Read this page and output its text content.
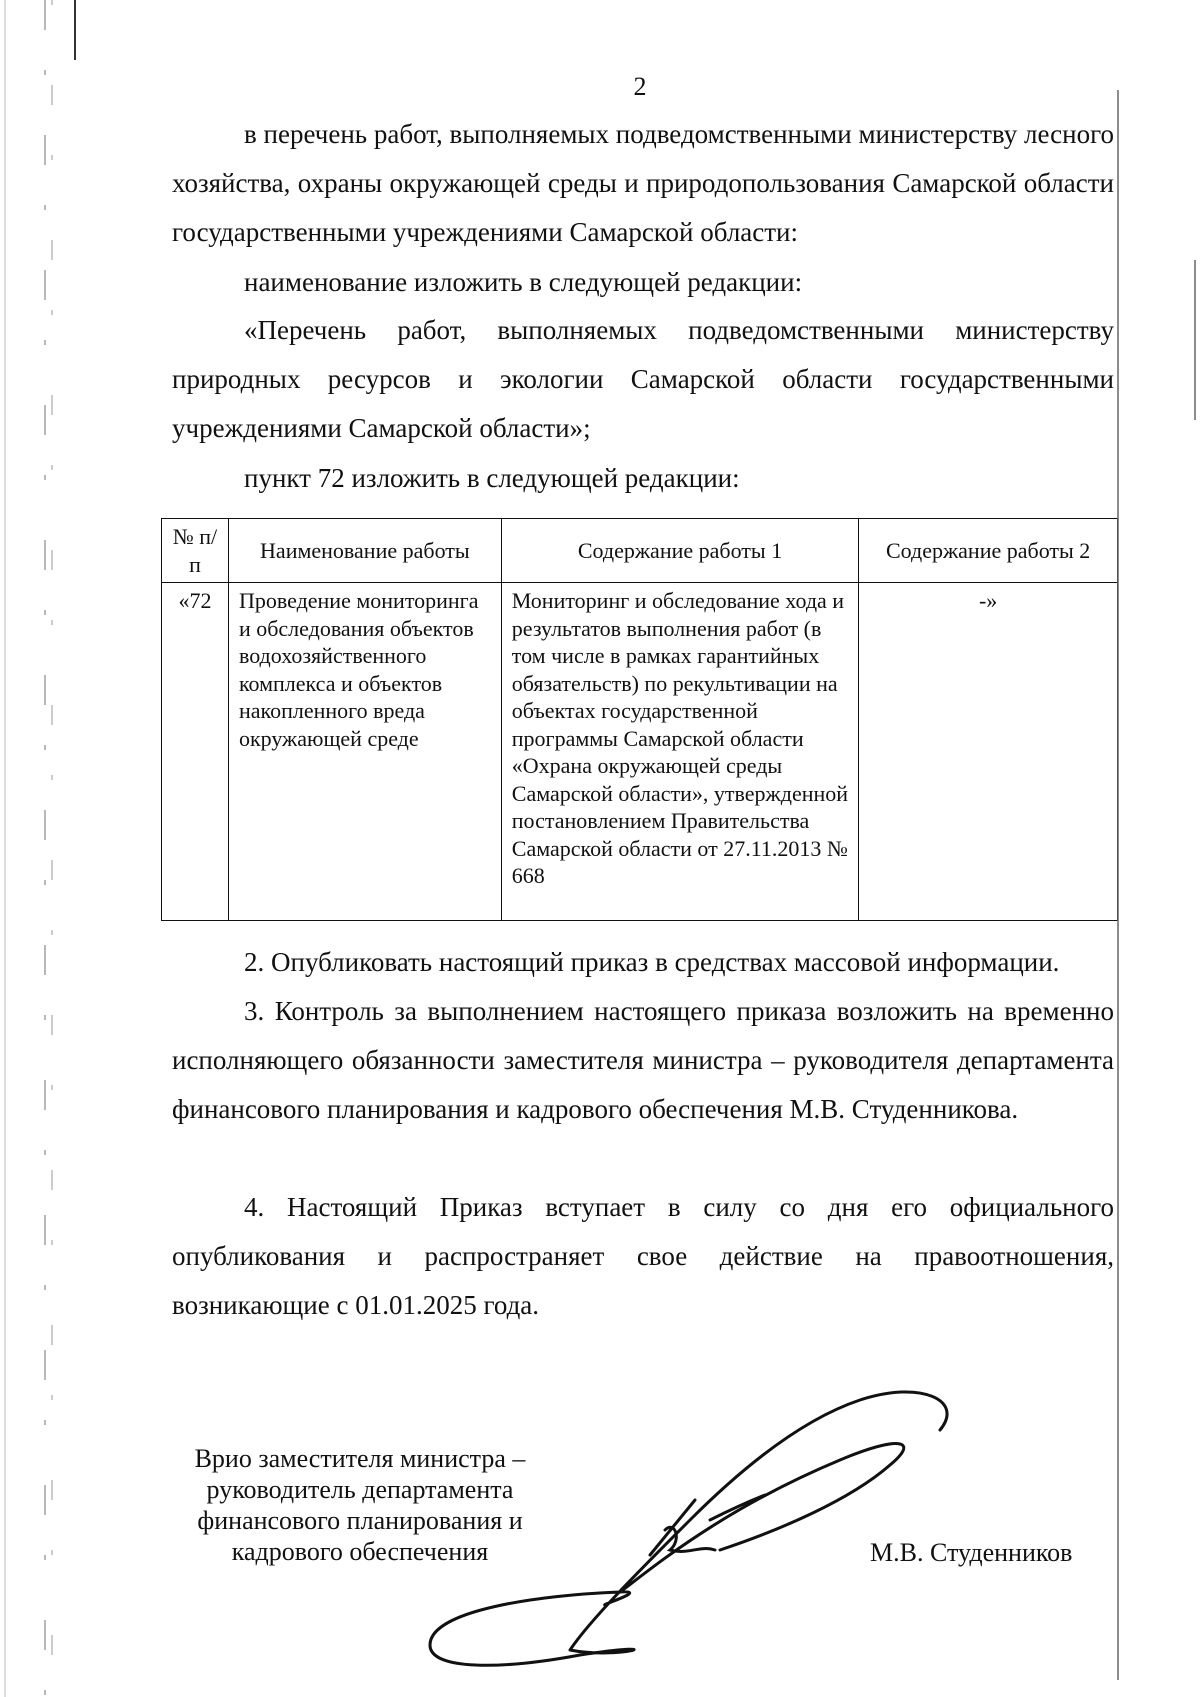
2

в перечень работ, выполняемых подведомственными министерству лесного хозяйства, охраны окружающей среды и природопользования Самарской области государственными учреждениями Самарской области:

наименование изложить в следующей редакции:

«Перечень работ, выполняемых подведомственными министерству природных ресурсов и экологии Самарской области государственными учреждениями Самарской области»;

пункт 72 изложить в следующей редакции:

№ п/п	Наименование работы	Содержание работы 1	Содержание работы 2
«72	Проведение мониторинга и обследования объектов водохозяйственного комплекса и объектов накопленного вреда окружающей среде	Мониторинг и обследование хода и результатов выполнения работ (в том числе в рамках гарантийных обязательств) по рекультивации на объектах государственной программы Самарской области «Охрана окружающей среды Самарской области», утвержденной постановлением Правительства Самарской области от 27.11.2013 № 668	-»

2. Опубликовать настоящий приказ в средствах массовой информации.

3. Контроль за выполнением настоящего приказа возложить на временно исполняющего обязанности заместителя министра – руководителя департамента финансового планирования и кадрового обеспечения М.В. Студенникова.

4. Настоящий Приказ вступает в силу со дня его официального опубликования и распространяет свое действие на правоотношения, возникающие с 01.01.2025 года.

Врио заместителя министра –
руководитель департамента
финансового планирования и
кадрового обеспечения	М.В. Студенников
